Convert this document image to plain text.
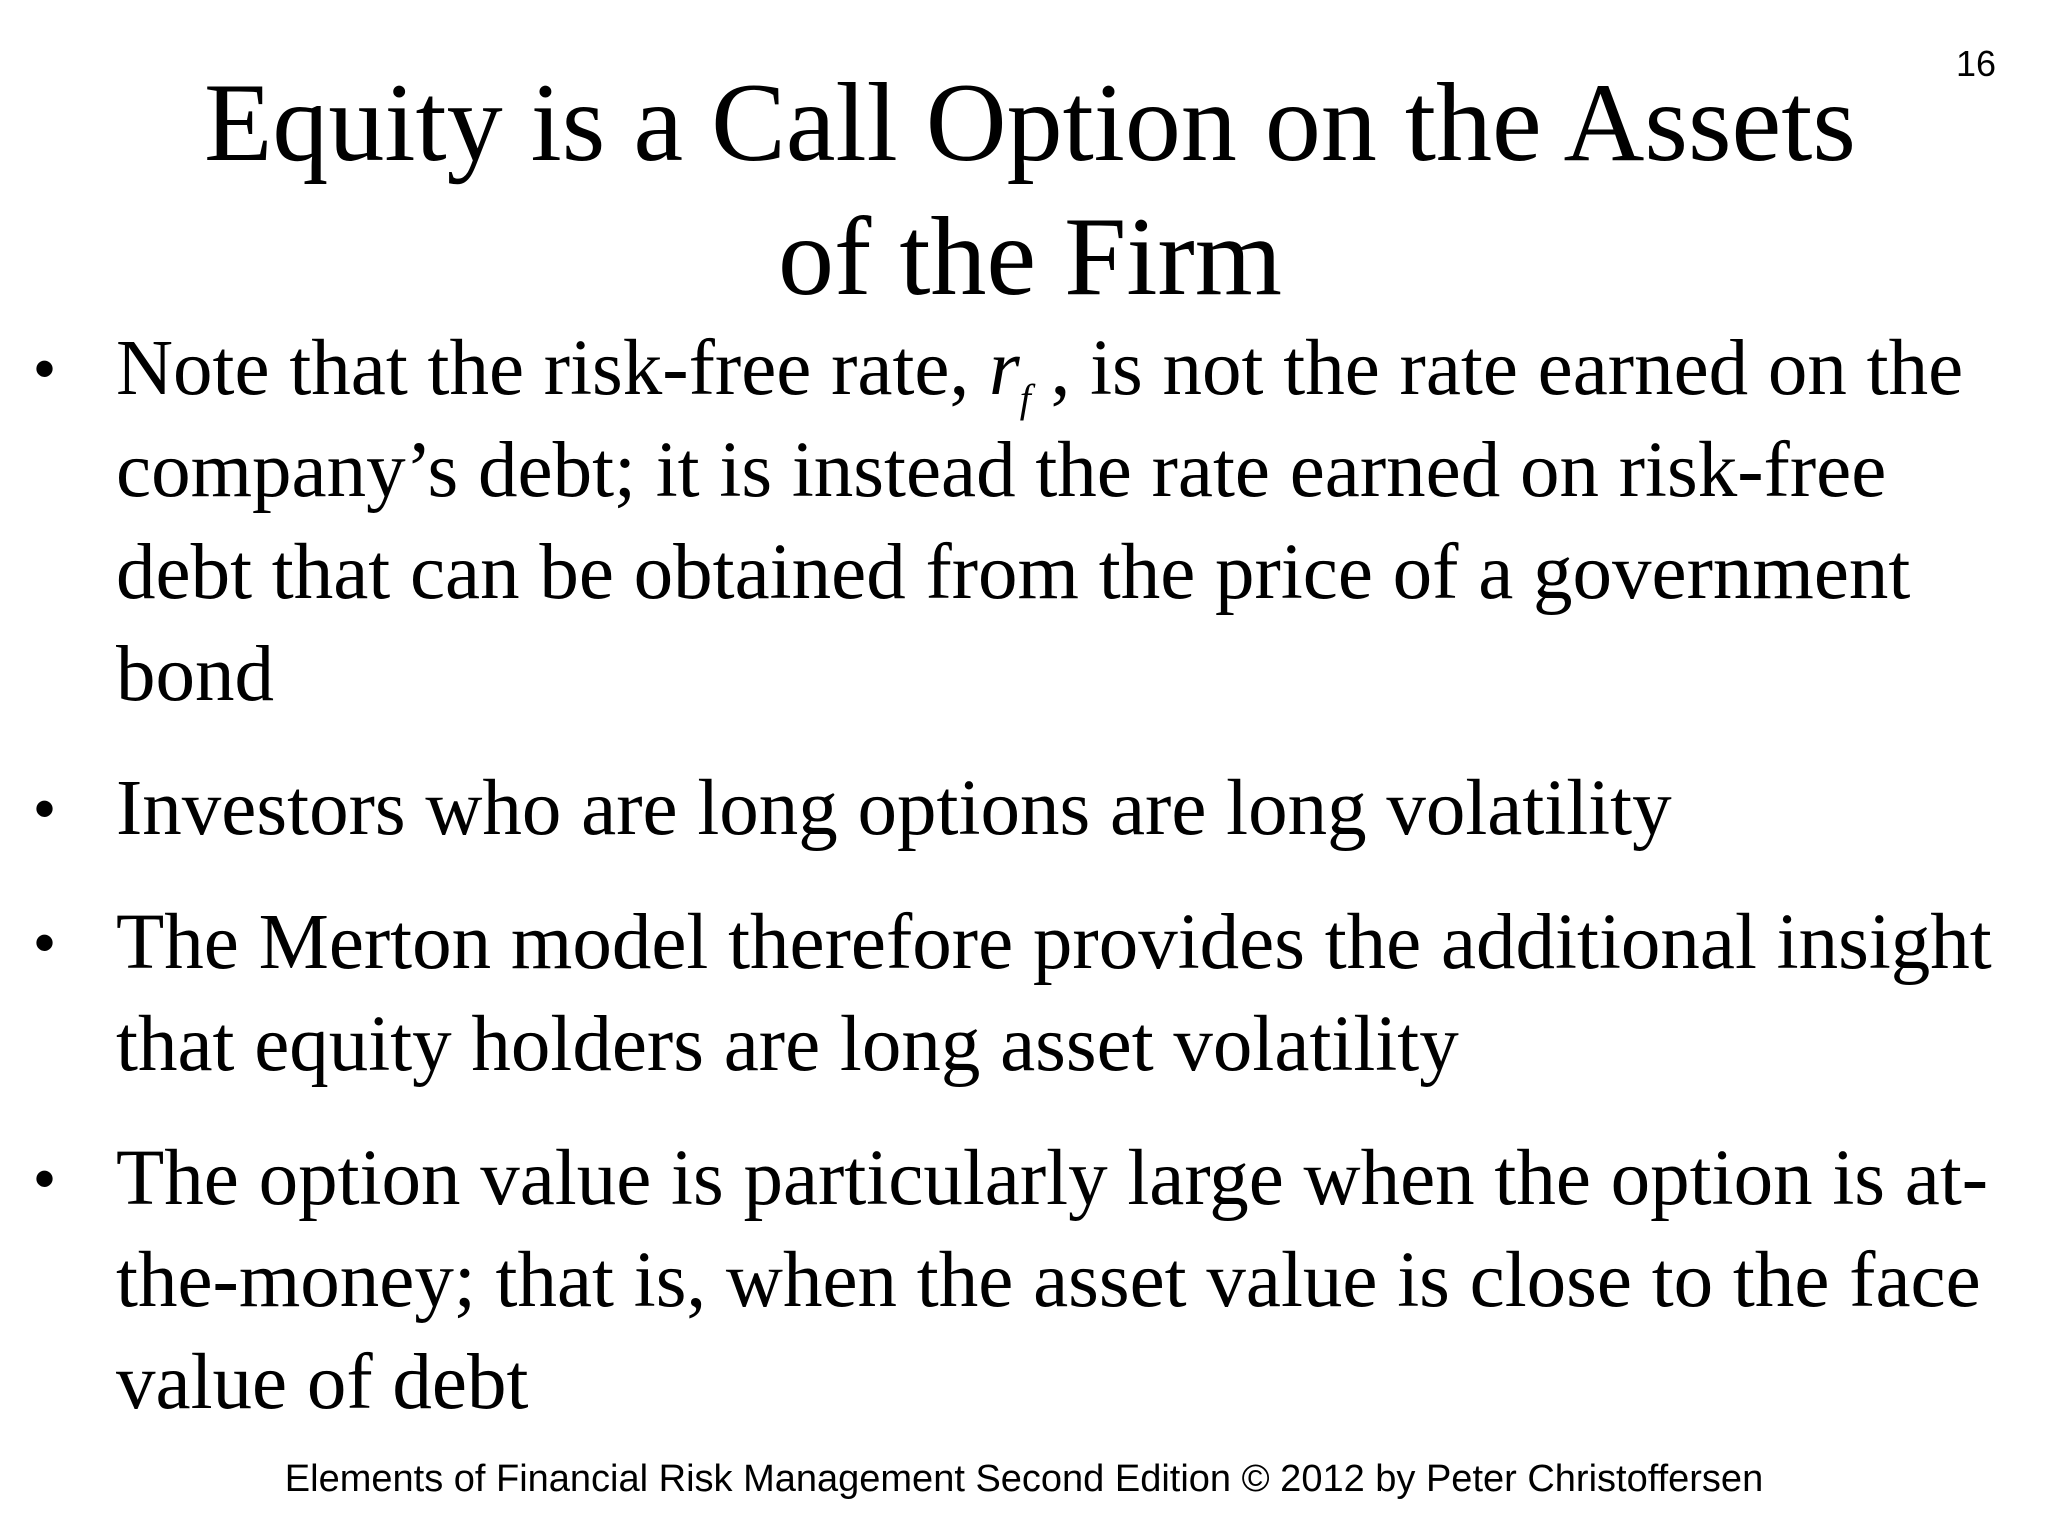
16
Equity is a Call Option on the Assets
of the Firm
• Note that the risk-free rate, $r_f$ , is not the rate earned on the
company’s debt; it is instead the rate earned on risk-free
debt that can be obtained from the price of a government
bond
• Investors who are long options are long volatility
• The Merton model therefore provides the additional insight
that equity holders are long asset volatility
• The option value is particularly large when the option is at-
the-money; that is, when the asset value is close to the face
value of debt
Elements of Financial Risk Management Second Edition © 2012 by Peter Christoffersen
